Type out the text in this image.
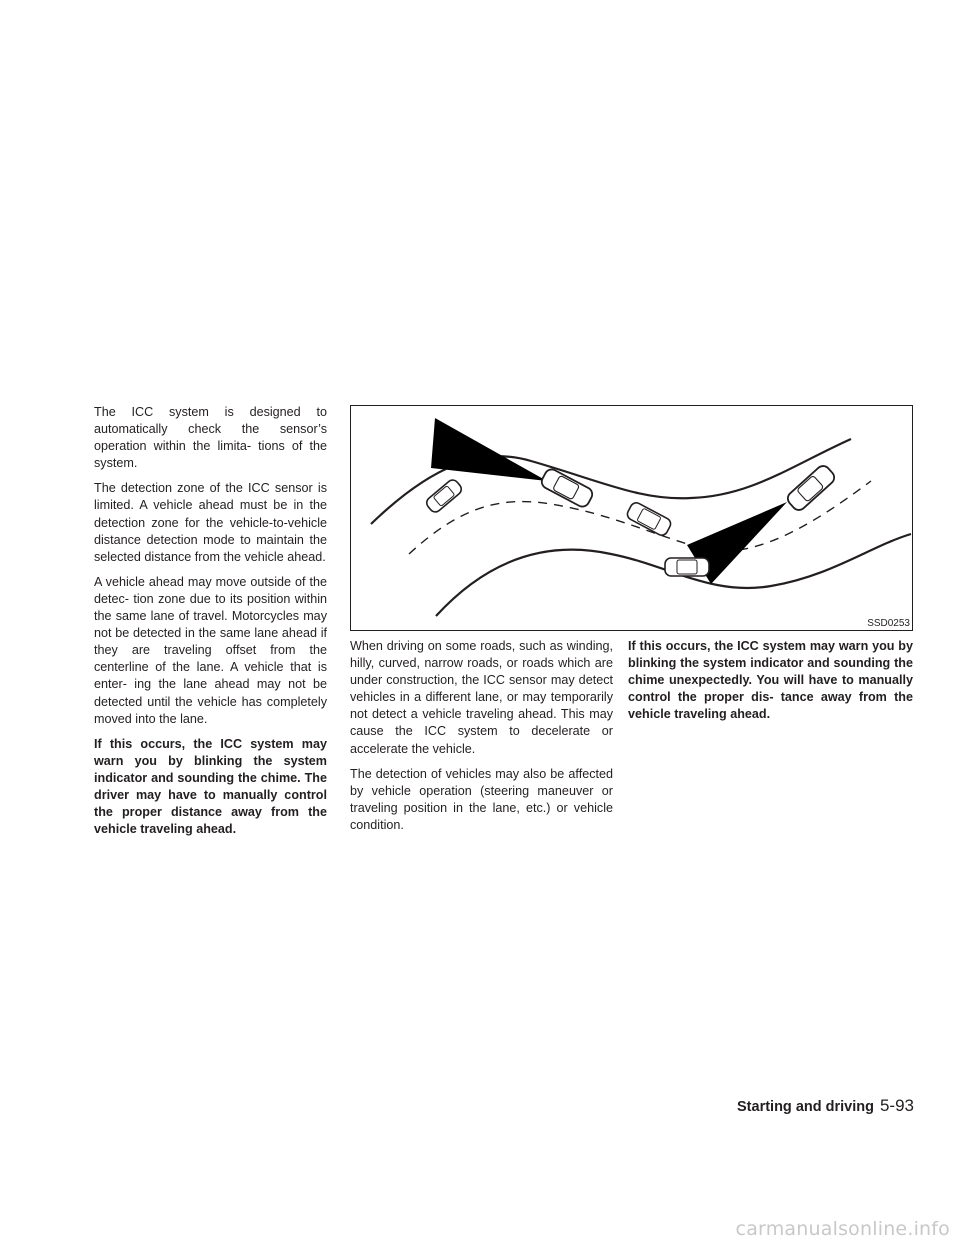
The ICC system is designed to automatically check the sensor’s operation within the limita- tions of the system.

The detection zone of the ICC sensor is limited. A vehicle ahead must be in the detection zone for the vehicle-to-vehicle distance detection mode to maintain the selected distance from the vehicle ahead.

A vehicle ahead may move outside of the detec- tion zone due to its position within the same lane of travel. Motorcycles may not be detected in the same lane ahead if they are traveling offset from the centerline of the lane. A vehicle that is enter- ing the lane ahead may not be detected until the vehicle has completely moved into the lane.

If this occurs, the ICC system may warn you by blinking the system indicator and sounding the chime. The driver may have to manually control the proper distance away from the vehicle traveling ahead.

SSD0253

When driving on some roads, such as winding, hilly, curved, narrow roads, or roads which are under construction, the ICC sensor may detect vehicles in a different lane, or may temporarily not detect a vehicle traveling ahead. This may cause the ICC system to decelerate or accelerate the vehicle.

The detection of vehicles may also be affected by vehicle operation (steering maneuver or traveling position in the lane, etc.) or vehicle condition.

If this occurs, the ICC system may warn you by blinking the system indicator and sounding the chime unexpectedly. You will have to manually control the proper dis- tance away from the vehicle traveling ahead.

Starting and driving 5-93
carmanualsonline.info
